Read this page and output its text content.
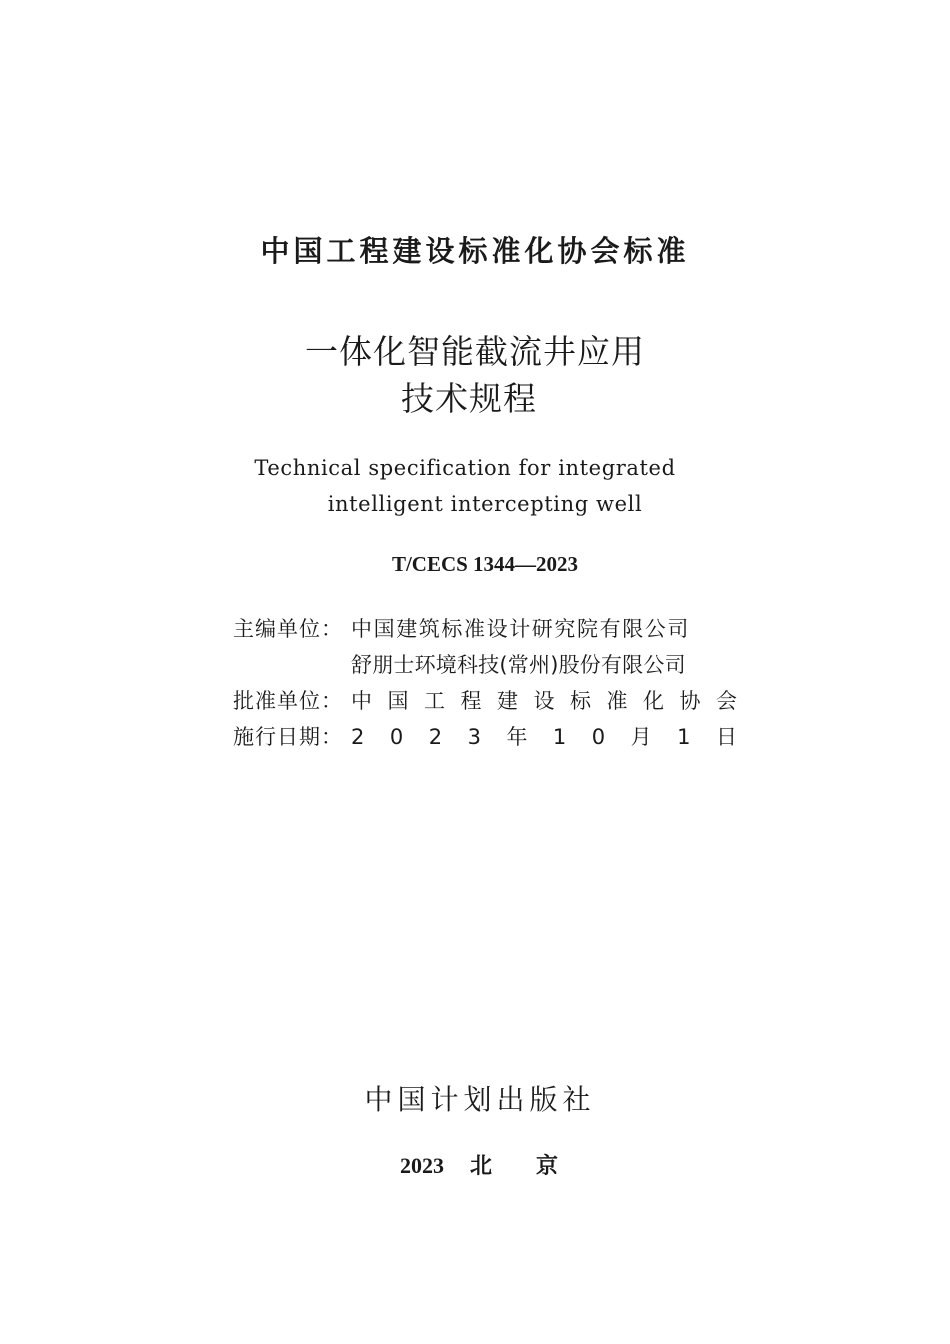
中国工程建设标准化协会标准
一体化智能截流井应用
技术规程
Technical specification for integrated
intelligent intercepting well
T/CECS 1344—2023
主编单位： 中国建筑标准设计研究院有限公司
舒朋士环境科技(常州)股份有限公司
批准单位： 中 国 工 程 建 设 标 准 化 协 会
施行日期： 2 0 2 3 年 1 0 月 1 日
中国计划出版社
2023 北 京
